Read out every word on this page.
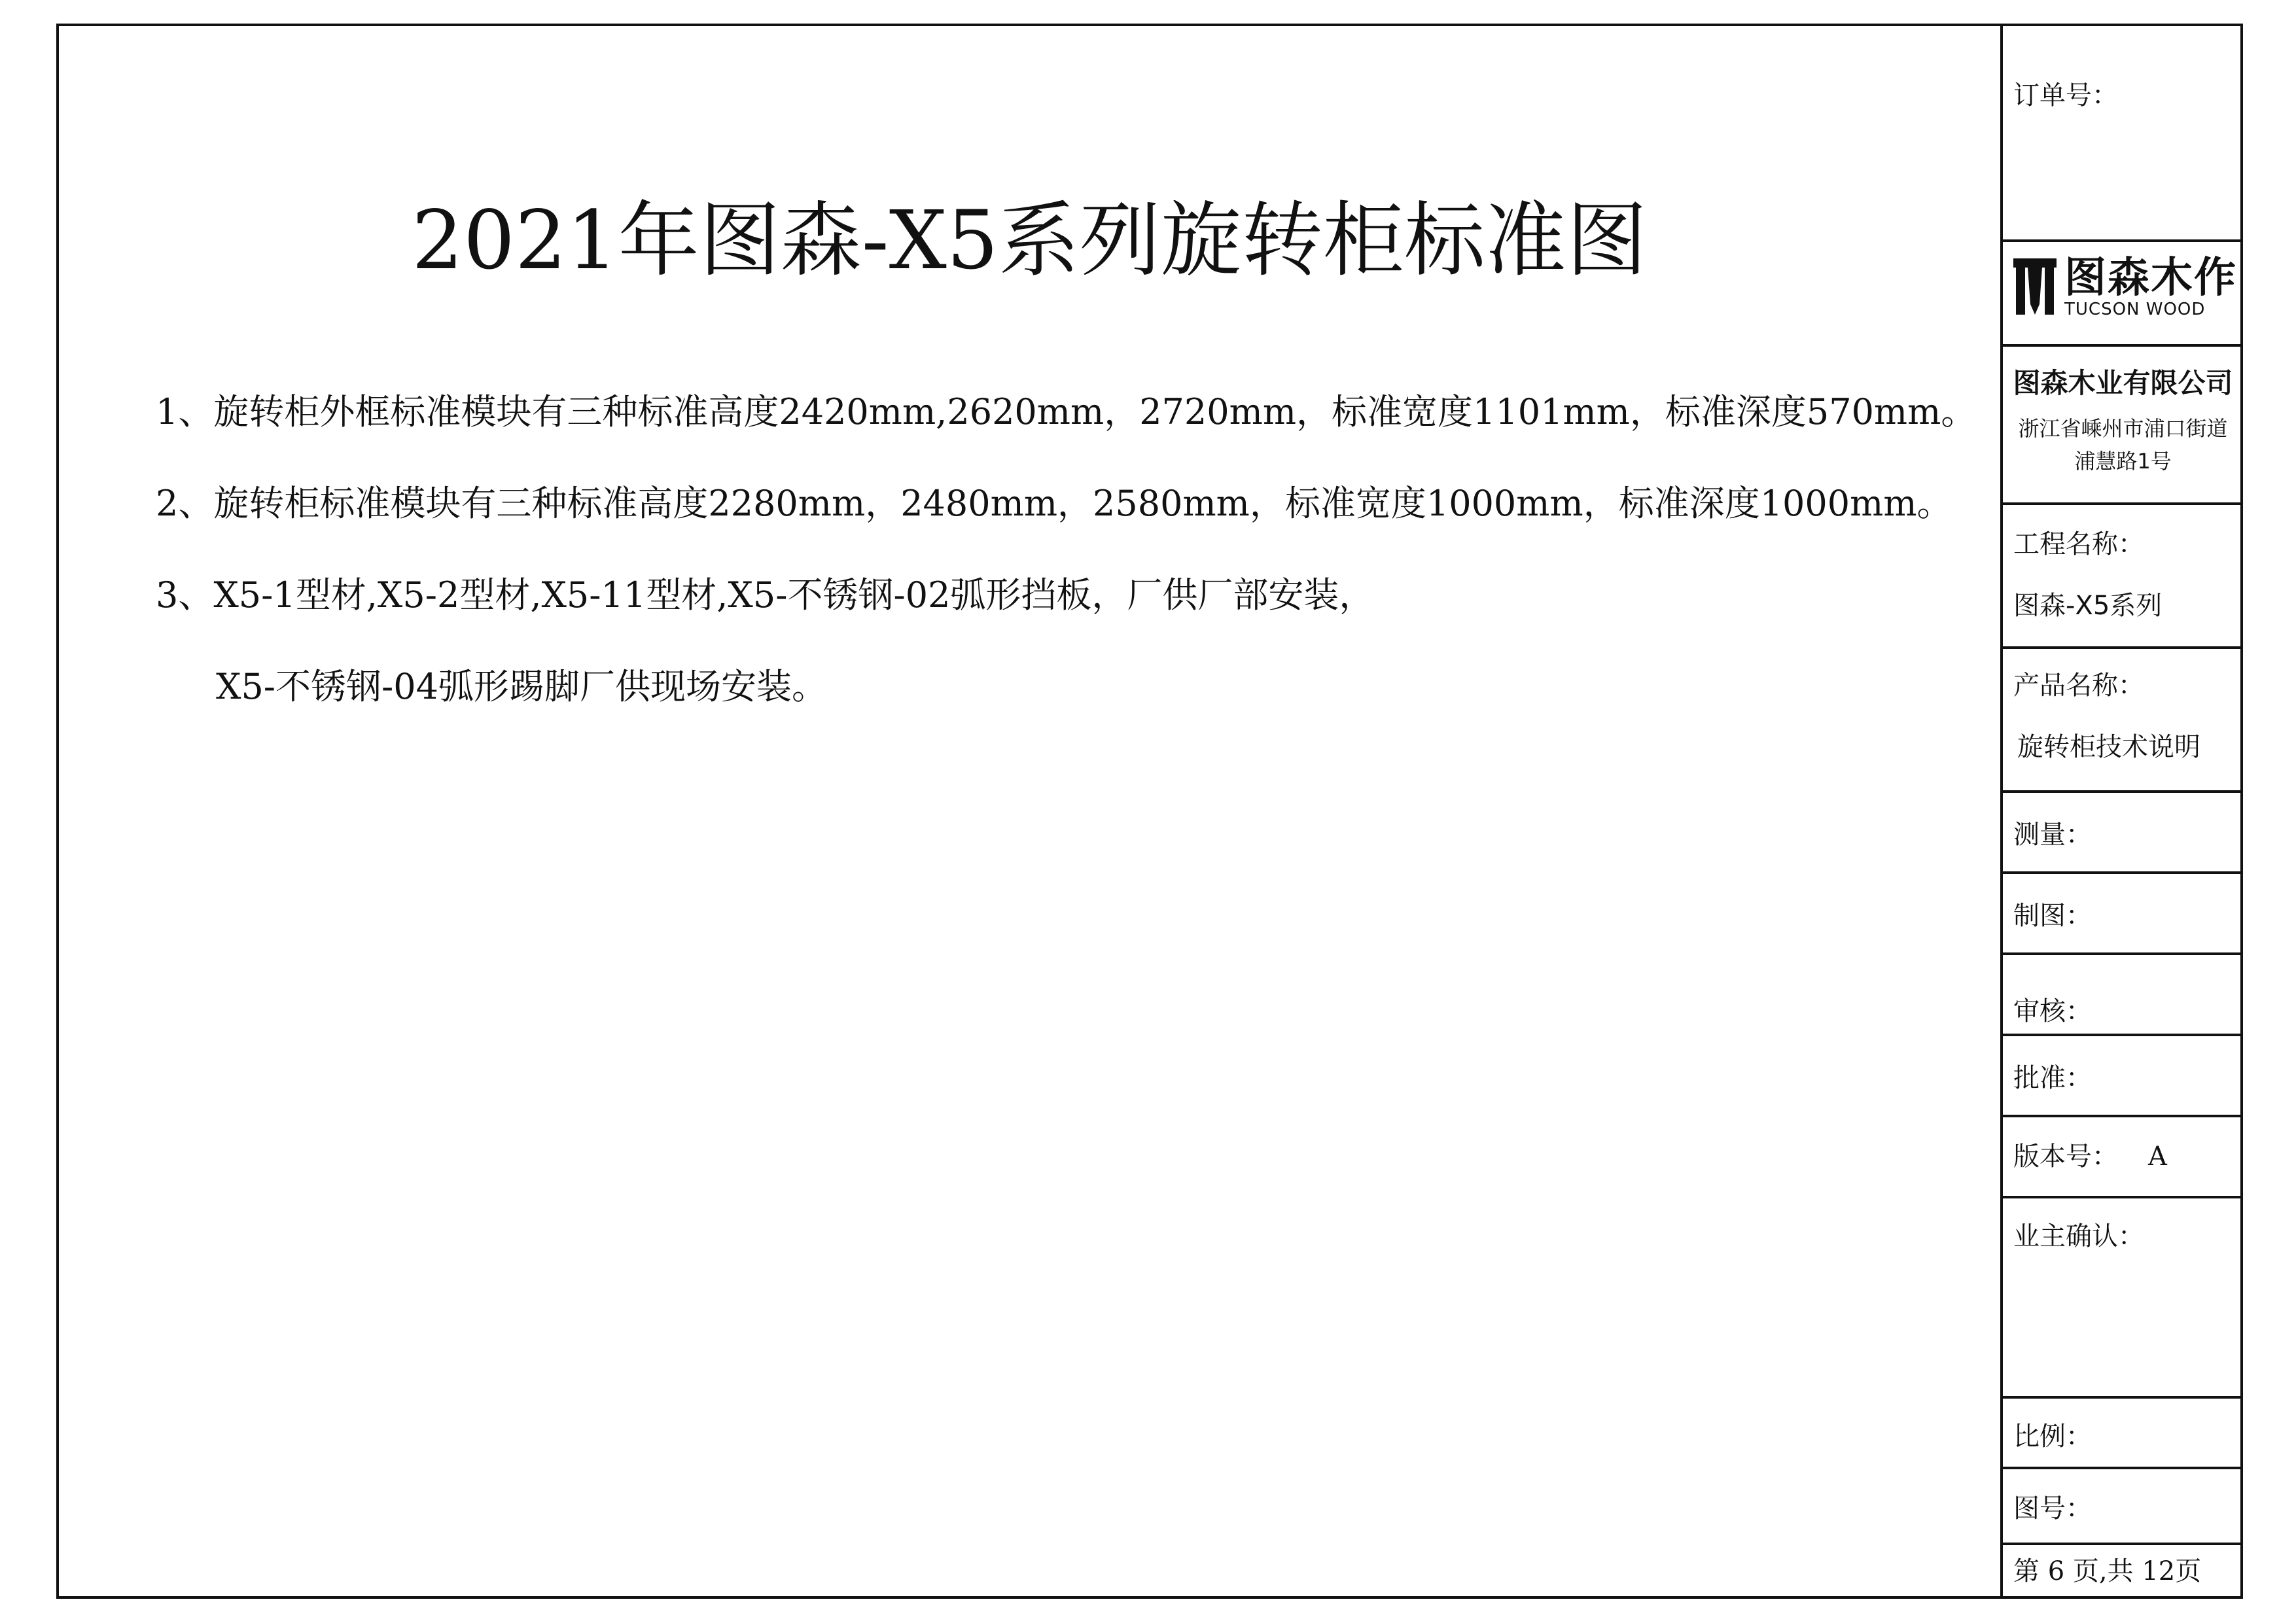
2021年图森-X5系列旋转柜标准图
1、旋转柜外框标准模块有三种标准高度2420mm,2620mm，2720mm，标准宽度1101mm，标准深度570mm。
2、旋转柜标准模块有三种标准高度2280mm，2480mm，2580mm，标准宽度1000mm，标准深度1000mm。
3、X5-1型材,X5-2型材,X5-11型材,X5-不锈钢-02弧形挡板，厂供厂部安装，
X5-不锈钢-04弧形踢脚厂供现场安装。
订单号：
图森木作
TUCSON WOOD
图森木业有限公司
浙江省嵊州市浦口街道
浦慧路1号
工程名称：
图森-X5系列
产品名称：
旋转柜技术说明
测量：
制图：
审核：
批准：
版本号： A
业主确认：
比例：
图号：
第 6 页,共 12页
